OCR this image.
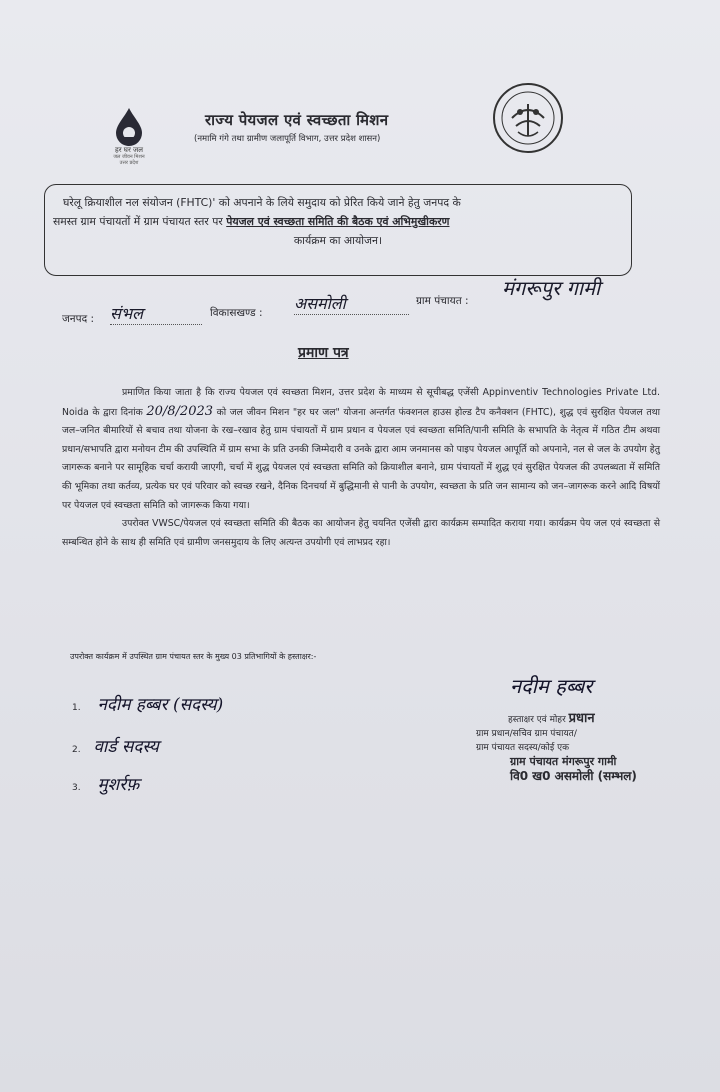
हर घर जल
जल जीवन मिशन
उत्तर प्रदेश
राज्य पेयजल एवं स्वच्छता मिशन
(नमामि गंगे तथा ग्रामीण जलापूर्ति विभाग, उत्तर प्रदेश शासन)
घरेलू क्रियाशील नल संयोजन (FHTC)' को अपनाने के लिये समुदाय को प्रेरित किये जाने हेतु जनपद के
समस्त ग्राम पंचायतों में ग्राम पंचायत स्तर पर पेयजल एवं स्वच्छता समिति की बैठक एवं अभिमुखीकरण
कार्यक्रम का आयोजन।
जनपद : संभल	विकासखण्ड : असमोली	ग्राम पंचायत :
मंगरूपुर गामी
प्रमाण पत्र

प्रमाणित किया जाता है कि राज्य पेयजल एवं स्वच्छता मिशन, उत्तर प्रदेश के माध्यम से सूचीबद्ध एजेंसी Appinventiv Technologies Private Ltd. Noida के द्वारा दिनांक 20/8/2023 को जल जीवन मिशन "हर घर जल" योजना अन्तर्गत फंक्शनल हाउस होल्ड टैप कनैक्शन (FHTC), शुद्ध एवं सुरक्षित पेयजल तथा जल–जनित बीमारियों से बचाव तथा योजना के रख–रखाव हेतु ग्राम पंचायतों में ग्राम प्रधान व पेयजल एवं स्वच्छता समिति/पानी समिति के सभापति के नेतृत्व में गठित टीम अथवा प्रधान/सभापति द्वारा मनोयन टीम की उपस्थिति में ग्राम सभा के प्रति उनकी जिम्मेदारी व उनके द्वारा आम जनमानस को पाइप पेयजल आपूर्ति को अपनाने, नल से जल के उपयोग हेतु जागरूक बनाने पर सामूहिक चर्चा करायी जाएगी, चर्चा में शुद्ध पेयजल एवं स्वच्छता समिति को क्रियाशील बनाने, ग्राम पंचायतों में शुद्ध एवं सुरक्षित पेयजल की उपलब्धता में समिति की भूमिका तथा कर्तव्य, प्रत्येक घर एवं परिवार को स्वच्छ रखने, दैनिक दिनचर्या में बुद्धिमानी से पानी के उपयोग, स्वच्छता के प्रति जन सामान्य को जन–जागरूक करने आदि विषयों पर पेयजल एवं स्वच्छता समिति को जागरूक किया गया।

उपरोक्त VWSC/पेयजल एवं स्वच्छता समिति की बैठक का आयोजन हेतु चयनित एजेंसी द्वारा कार्यक्रम सम्पादित कराया गया। कार्यक्रम पेय जल एवं स्वच्छता से सम्बन्धित होने के साथ ही समिति एवं ग्रामीण जनसमुदाय के लिए अत्यन्त उपयोगी एवं लाभप्रद रहा।

उपरोक्त कार्यक्रम में उपस्थित ग्राम पंचायत स्तर के मुख्य 03 प्रतिभागियों के हस्ताक्षर:-
1. नदीम हब्बर (सदस्य)
2. वार्ड सदस्य
3. मुशर्रफ़
नदीम हब्बर
हस्ताक्षर एवं मोहर प्रधान
ग्राम प्रधान/सचिव ग्राम पंचायत/
ग्राम पंचायत सदस्य/कोई एक
ग्राम पंचायत मंगरूपुर गामी
वि0 ख0 असमोली (सम्भल)
